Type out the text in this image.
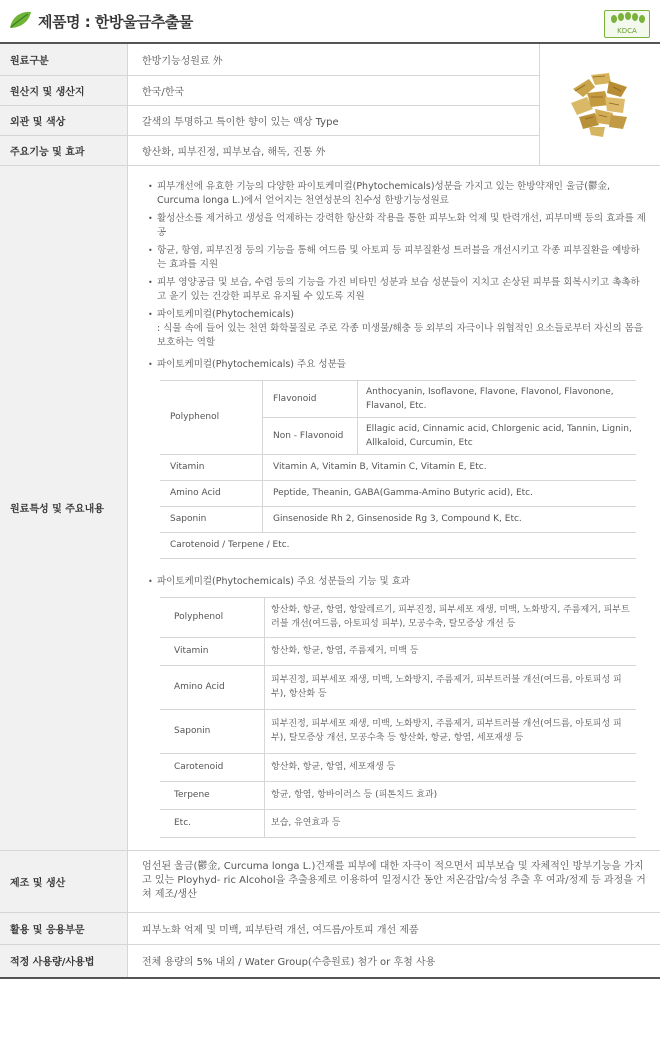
제품명 : 한방울금추출물	KDCA
원료구분	한방기능성원료 外	
원산지 및 생산지	한국/한국
외관 및 색상	갈색의 투명하고 특이한 향이 있는 액상 Type
주요기능 및 효과	항산화, 피부진정, 피부보습, 해독, 진통 外
원료특성 및 주요내용	
• 피부개선에 유효한 기능의 다양한 파이토케미컬(Phytochemicals)성분을 가지고 있는 한방약재인 울금(鬱金, Curcuma longa L.)에서 얻어지는 천연성분의 친수성 한방기능성원료
• 활성산소를 제거하고 생성을 억제하는 강력한 항산화 작용을 통한 피부노화 억제 및 탄력개선, 피부미백 등의 효과를 제공
• 항균, 항염, 피부진정 등의 기능을 통해 여드름 및 아토피 등 피부질환성 트러블을 개선시키고 각종 피부질환을 예방하는 효과를 지원
• 피부 영양공급 및 보습, 수렴 등의 기능을 가진 비타민 성분과 보습 성분들이 지치고 손상된 피부를 회복시키고 촉촉하고 윤기 있는 건강한 피부로 유지될 수 있도록 지원
• 파이토케미컬(Phytochemicals)
: 식물 속에 들어 있는 천연 화학물질로 주로 각종 미생물/해충 등 외부의 자극이나 위협적인 요소들로부터 자신의 몸을 보호하는 역할
• 파이토케미컬(Phytochemicals) 주요 성분들
Polyphenol	Flavonoid	Anthocyanin, Isoflavone, Flavone, Flavonol, Flavonone, Flavanol, Etc.
Non - Flavonoid	Ellagic acid, Cinnamic acid, Chlorgenic acid, Tannin, Lignin, Allkaloid, Curcumin, Etc
Vitamin	Vitamin A, Vitamin B, Vitamin C, Vitamin E, Etc.
Amino Acid	Peptide, Theanin, GABA(Gamma-Amino Butyric acid), Etc.
Saponin	Ginsenoside Rh 2, Ginsenoside Rg 3, Compound K, Etc.
Carotenoid / Terpene / Etc.
• 파이토케미컬(Phytochemicals) 주요 성분들의 기능 및 효과
Polyphenol	항산화, 항균, 항염, 항알레르기, 피부진정, 피부세포 재생, 미백, 노화방지, 주름제거, 피부트러블 개선(여드름, 아토피성 피부), 모공수축, 탈모증상 개선 등
Vitamin	항산화, 항균, 항염, 주름제거, 미백 등
Amino Acid	피부진정, 피부세포 재생, 미백, 노화방지, 주름제거, 피부트러블 개선(여드름, 아토피성 피부), 항산화 등
Saponin	피부진정, 피부세포 재생, 미백, 노화방지, 주름제거, 피부트러블 개선(여드름, 아토피성 피부), 탈모증상 개선, 모공수축 등 항산화, 항균, 항염, 세포재생 등
Carotenoid	항산화, 항균, 항염, 세포재생 등
Terpene	항균, 항염, 항바이러스 등 (피톤치드 효과)
Etc.	보습, 유연효과 등

제조 및 생산	엄선된 울금(鬱金, Curcuma longa L.)건재를 피부에 대한 자극이 적으면서 피부보습 및 자체적인 방부기능을 가지고 있는 Ployhyd- ric Alcohol을 추출용제로 이용하여 일정시간 동안 저온감압/숙성 추출 후 여과/정제 등 과정을 거쳐 제조/생산
활용 및 응용부문	피부노화 억제 및 미백, 피부탄력 개선, 여드름/아토피 개선 제품
적정 사용량/사용법	전체 용량의 5% 내외 / Water Group(수층원료) 첨가 or 후첨 사용
